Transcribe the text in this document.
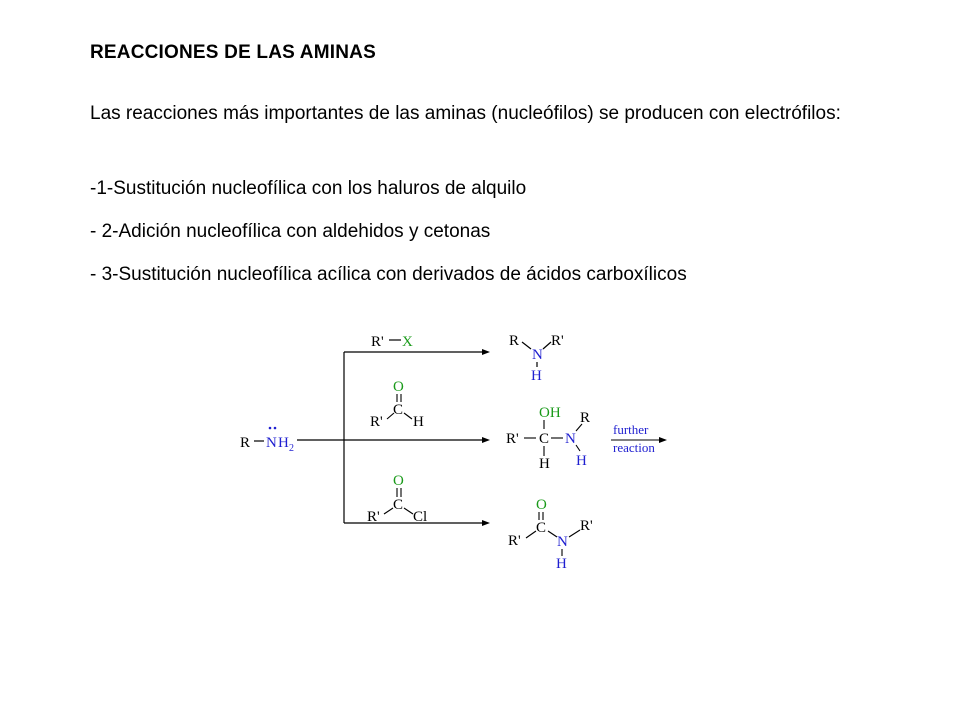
REACCIONES DE LAS AMINAS
Las reacciones más importantes de las aminas (nucleófilos) se producen con electrófilos:
-1-Sustitución nucleofílica con los haluros de alquilo
- 2-Adición nucleofílica con aldehidos y cetonas
- 3-Sustitución nucleofílica acílica con derivados de ácidos carboxílicos
R N H 2
R' X	R R'
N
H
O
C
R' H
OH
R' C
H
N
R
H
further
reaction
O
C
R' Cl
O
C
R' N
R'
H
